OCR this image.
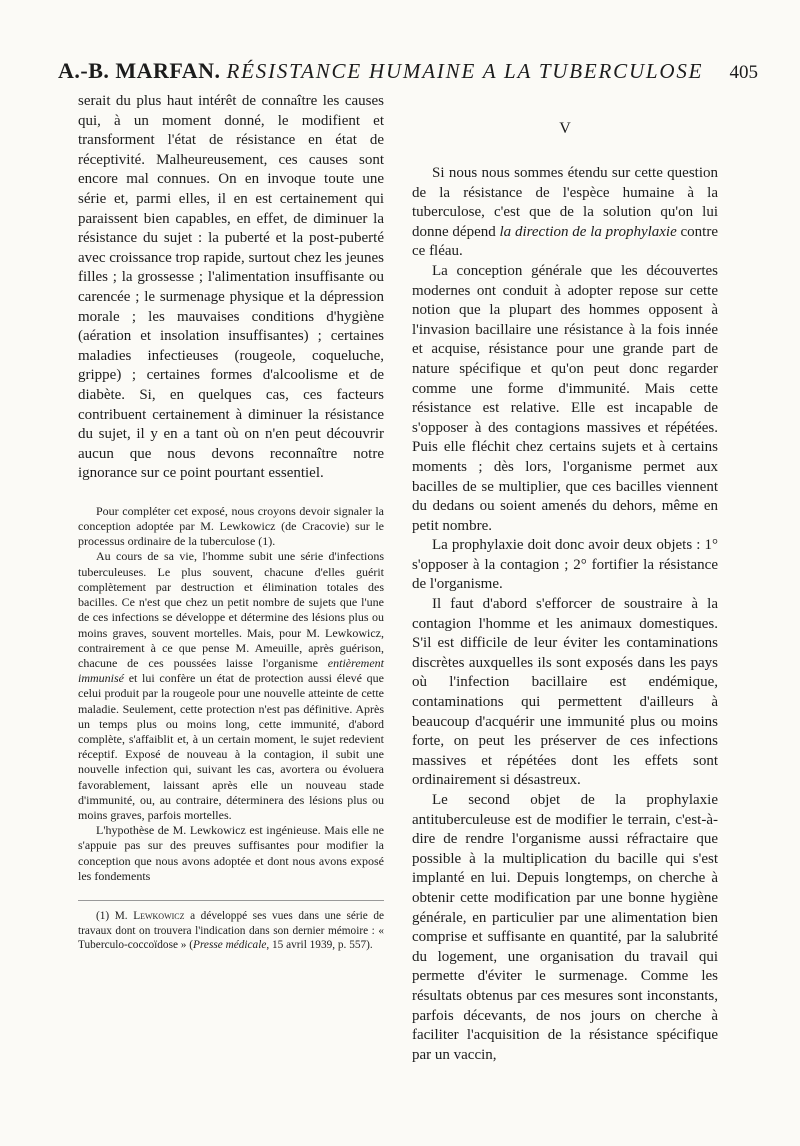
A.-B. MARFAN. RÉSISTANCE HUMAINE A LA TUBERCULOSE 405

serait du plus haut intérêt de connaître les causes qui, à un moment donné, le modifient et transforment l'état de résistance en état de réceptivité. Malheureusement, ces causes sont encore mal connues. On en invoque toute une série et, parmi elles, il en est certainement qui paraissent bien capables, en effet, de diminuer la résistance du sujet : la puberté et la post-puberté avec croissance trop rapide, surtout chez les jeunes filles ; la grossesse ; l'alimentation insuffisante ou carencée ; le surmenage physique et la dépression morale ; les mauvaises conditions d'hygiène (aération et insolation insuffisantes) ; certaines maladies infectieuses (rougeole, coqueluche, grippe) ; certaines formes d'alcoolisme et de diabète. Si, en quelques cas, ces facteurs contribuent certainement à diminuer la résistance du sujet, il y en a tant où on n'en peut découvrir aucun que nous devons reconnaître notre ignorance sur ce point pourtant essentiel.

Pour compléter cet exposé, nous croyons devoir signaler la conception adoptée par M. Lewkowicz (de Cracovie) sur le processus ordinaire de la tuberculose (1).

Au cours de sa vie, l'homme subit une série d'infections tuberculeuses. Le plus souvent, chacune d'elles guérit complètement par destruction et élimination totales des bacilles. Ce n'est que chez un petit nombre de sujets que l'une de ces infections se développe et détermine des lésions plus ou moins graves, souvent mortelles. Mais, pour M. Lewkowicz, contrairement à ce que pense M. Ameuille, après guérison, chacune de ces poussées laisse l'organisme entièrement immunisé et lui confère un état de protection aussi élevé que celui produit par la rougeole pour une nouvelle atteinte de cette maladie. Seulement, cette protection n'est pas définitive. Après un temps plus ou moins long, cette immunité, d'abord complète, s'affaiblit et, à un certain moment, le sujet redevient réceptif. Exposé de nouveau à la contagion, il subit une nouvelle infection qui, suivant les cas, avortera ou évoluera favorablement, laissant après elle un nouveau stade d'immunité, ou, au contraire, déterminera des lésions plus ou moins graves, parfois mortelles.

L'hypothèse de M. Lewkowicz est ingénieuse. Mais elle ne s'appuie pas sur des preuves suffisantes pour modifier la conception que nous avons adoptée et dont nous avons exposé les fondements

(1) M. Lewkowicz a développé ses vues dans une série de travaux dont on trouvera l'indication dans son dernier mémoire : « Tuberculo-coccoïdose » (Presse médicale, 15 avril 1939, p. 557).

V

Si nous nous sommes étendu sur cette question de la résistance de l'espèce humaine à la tuberculose, c'est que de la solution qu'on lui donne dépend la direction de la prophylaxie contre ce fléau.

La conception générale que les découvertes modernes ont conduit à adopter repose sur cette notion que la plupart des hommes opposent à l'invasion bacillaire une résistance à la fois innée et acquise, résistance pour une grande part de nature spécifique et qu'on peut donc regarder comme une forme d'immunité. Mais cette résistance est relative. Elle est incapable de s'opposer à des contagions massives et répétées. Puis elle fléchit chez certains sujets et à certains moments ; dès lors, l'organisme permet aux bacilles de se multiplier, que ces bacilles viennent du dedans ou soient amenés du dehors, même en petit nombre.

La prophylaxie doit donc avoir deux objets : 1° s'opposer à la contagion ; 2° fortifier la résistance de l'organisme.

Il faut d'abord s'efforcer de soustraire à la contagion l'homme et les animaux domestiques. S'il est difficile de leur éviter les contaminations discrètes auxquelles ils sont exposés dans les pays où l'infection bacillaire est endémique, contaminations qui permettent d'ailleurs à beaucoup d'acquérir une immunité plus ou moins forte, on peut les préserver de ces infections massives et répétées dont les effets sont ordinairement si désastreux.

Le second objet de la prophylaxie antituberculeuse est de modifier le terrain, c'est-à-dire de rendre l'organisme aussi réfractaire que possible à la multiplication du bacille qui s'est implanté en lui. Depuis longtemps, on cherche à obtenir cette modification par une bonne hygiène générale, en particulier par une alimentation bien comprise et suffisante en quantité, par la salubrité du logement, une organisation du travail qui permette d'éviter le surmenage. Comme les résultats obtenus par ces mesures sont inconstants, parfois décevants, de nos jours on cherche à faciliter l'acquisition de la résistance spécifique par un vaccin,
